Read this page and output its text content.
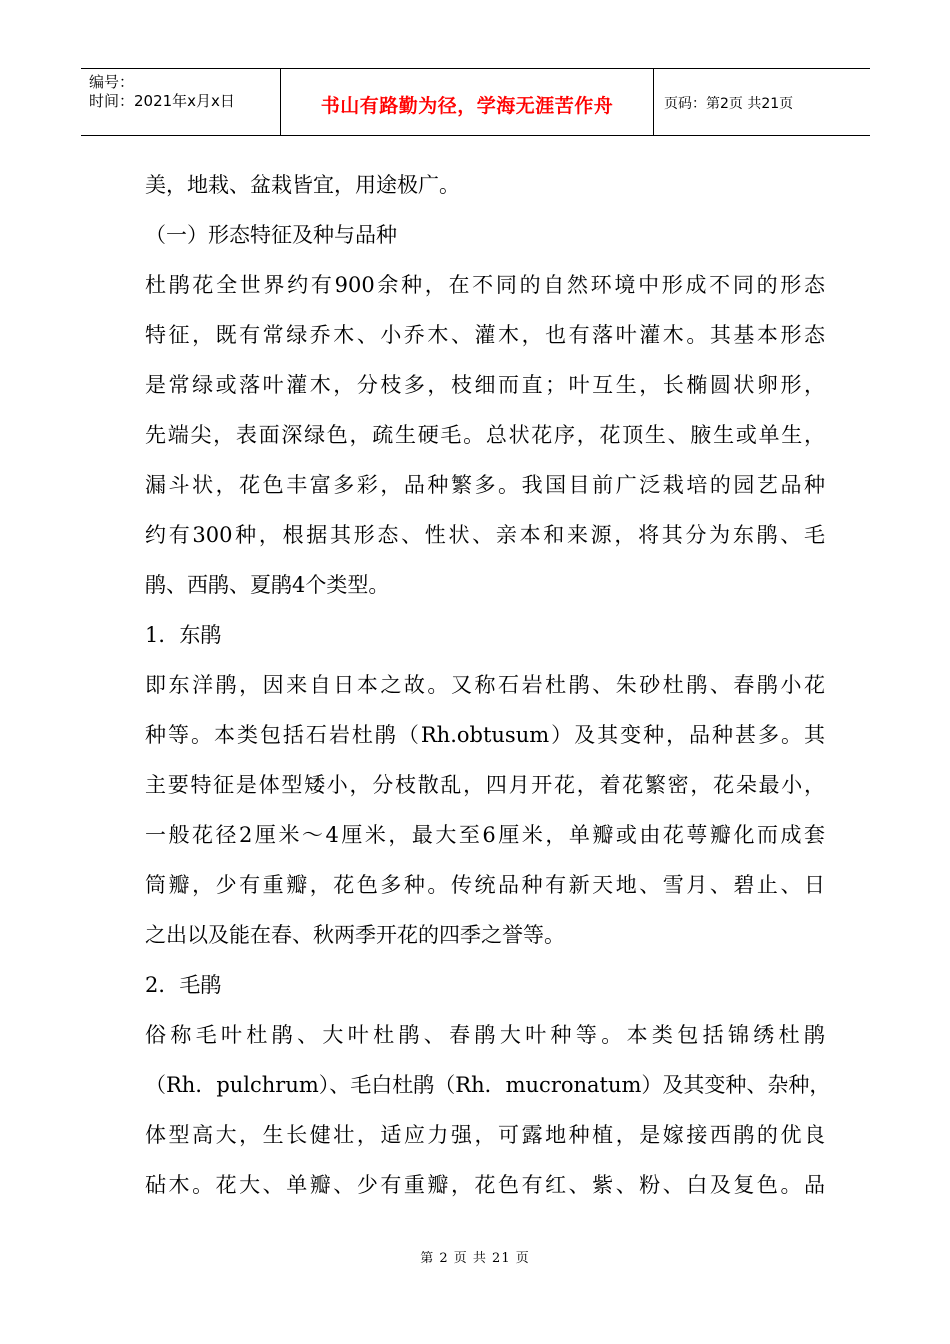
编号：
时间：2021年x月x日	书山有路勤为径，学海无涯苦作舟	页码：第2页 共21页
美，地栽、盆栽皆宜，用途极广。
（一）形态特征及种与品种
杜鹃花全世界约有900余种，在不同的自然环境中形成不同的形态
特征，既有常绿乔木、小乔木、灌木，也有落叶灌木。其基本形态
是常绿或落叶灌木，分枝多，枝细而直；叶互生，长椭圆状卵形，
先端尖，表面深绿色，疏生硬毛。总状花序，花顶生、腋生或单生，
漏斗状，花色丰富多彩，品种繁多。我国目前广泛栽培的园艺品种
约有300种，根据其形态、性状、亲本和来源，将其分为东鹃、毛
鹃、西鹃、夏鹃4个类型。
1．东鹃
即东洋鹃，因来自日本之故。又称石岩杜鹃、朱砂杜鹃、春鹃小花
种等。本类包括石岩杜鹃（Rh.obtusum）及其变种，品种甚多。其
主要特征是体型矮小，分枝散乱，四月开花，着花繁密，花朵最小，
一般花径2厘米～4厘米，最大至6厘米，单瓣或由花萼瓣化而成套
筒瓣，少有重瓣，花色多种。传统品种有新天地、雪月、碧止、日
之出以及能在春、秋两季开花的四季之誉等。
2．毛鹃
俗称毛叶杜鹃、大叶杜鹃、春鹃大叶种等。本类包括锦绣杜鹃
（Rh．pulchrum）、毛白杜鹃（Rh．mucronatum）及其变种、杂种，
体型高大，生长健壮，适应力强，可露地种植，是嫁接西鹃的优良
砧木。花大、单瓣、少有重瓣，花色有红、紫、粉、白及复色。品
第 2 页 共 21 页
